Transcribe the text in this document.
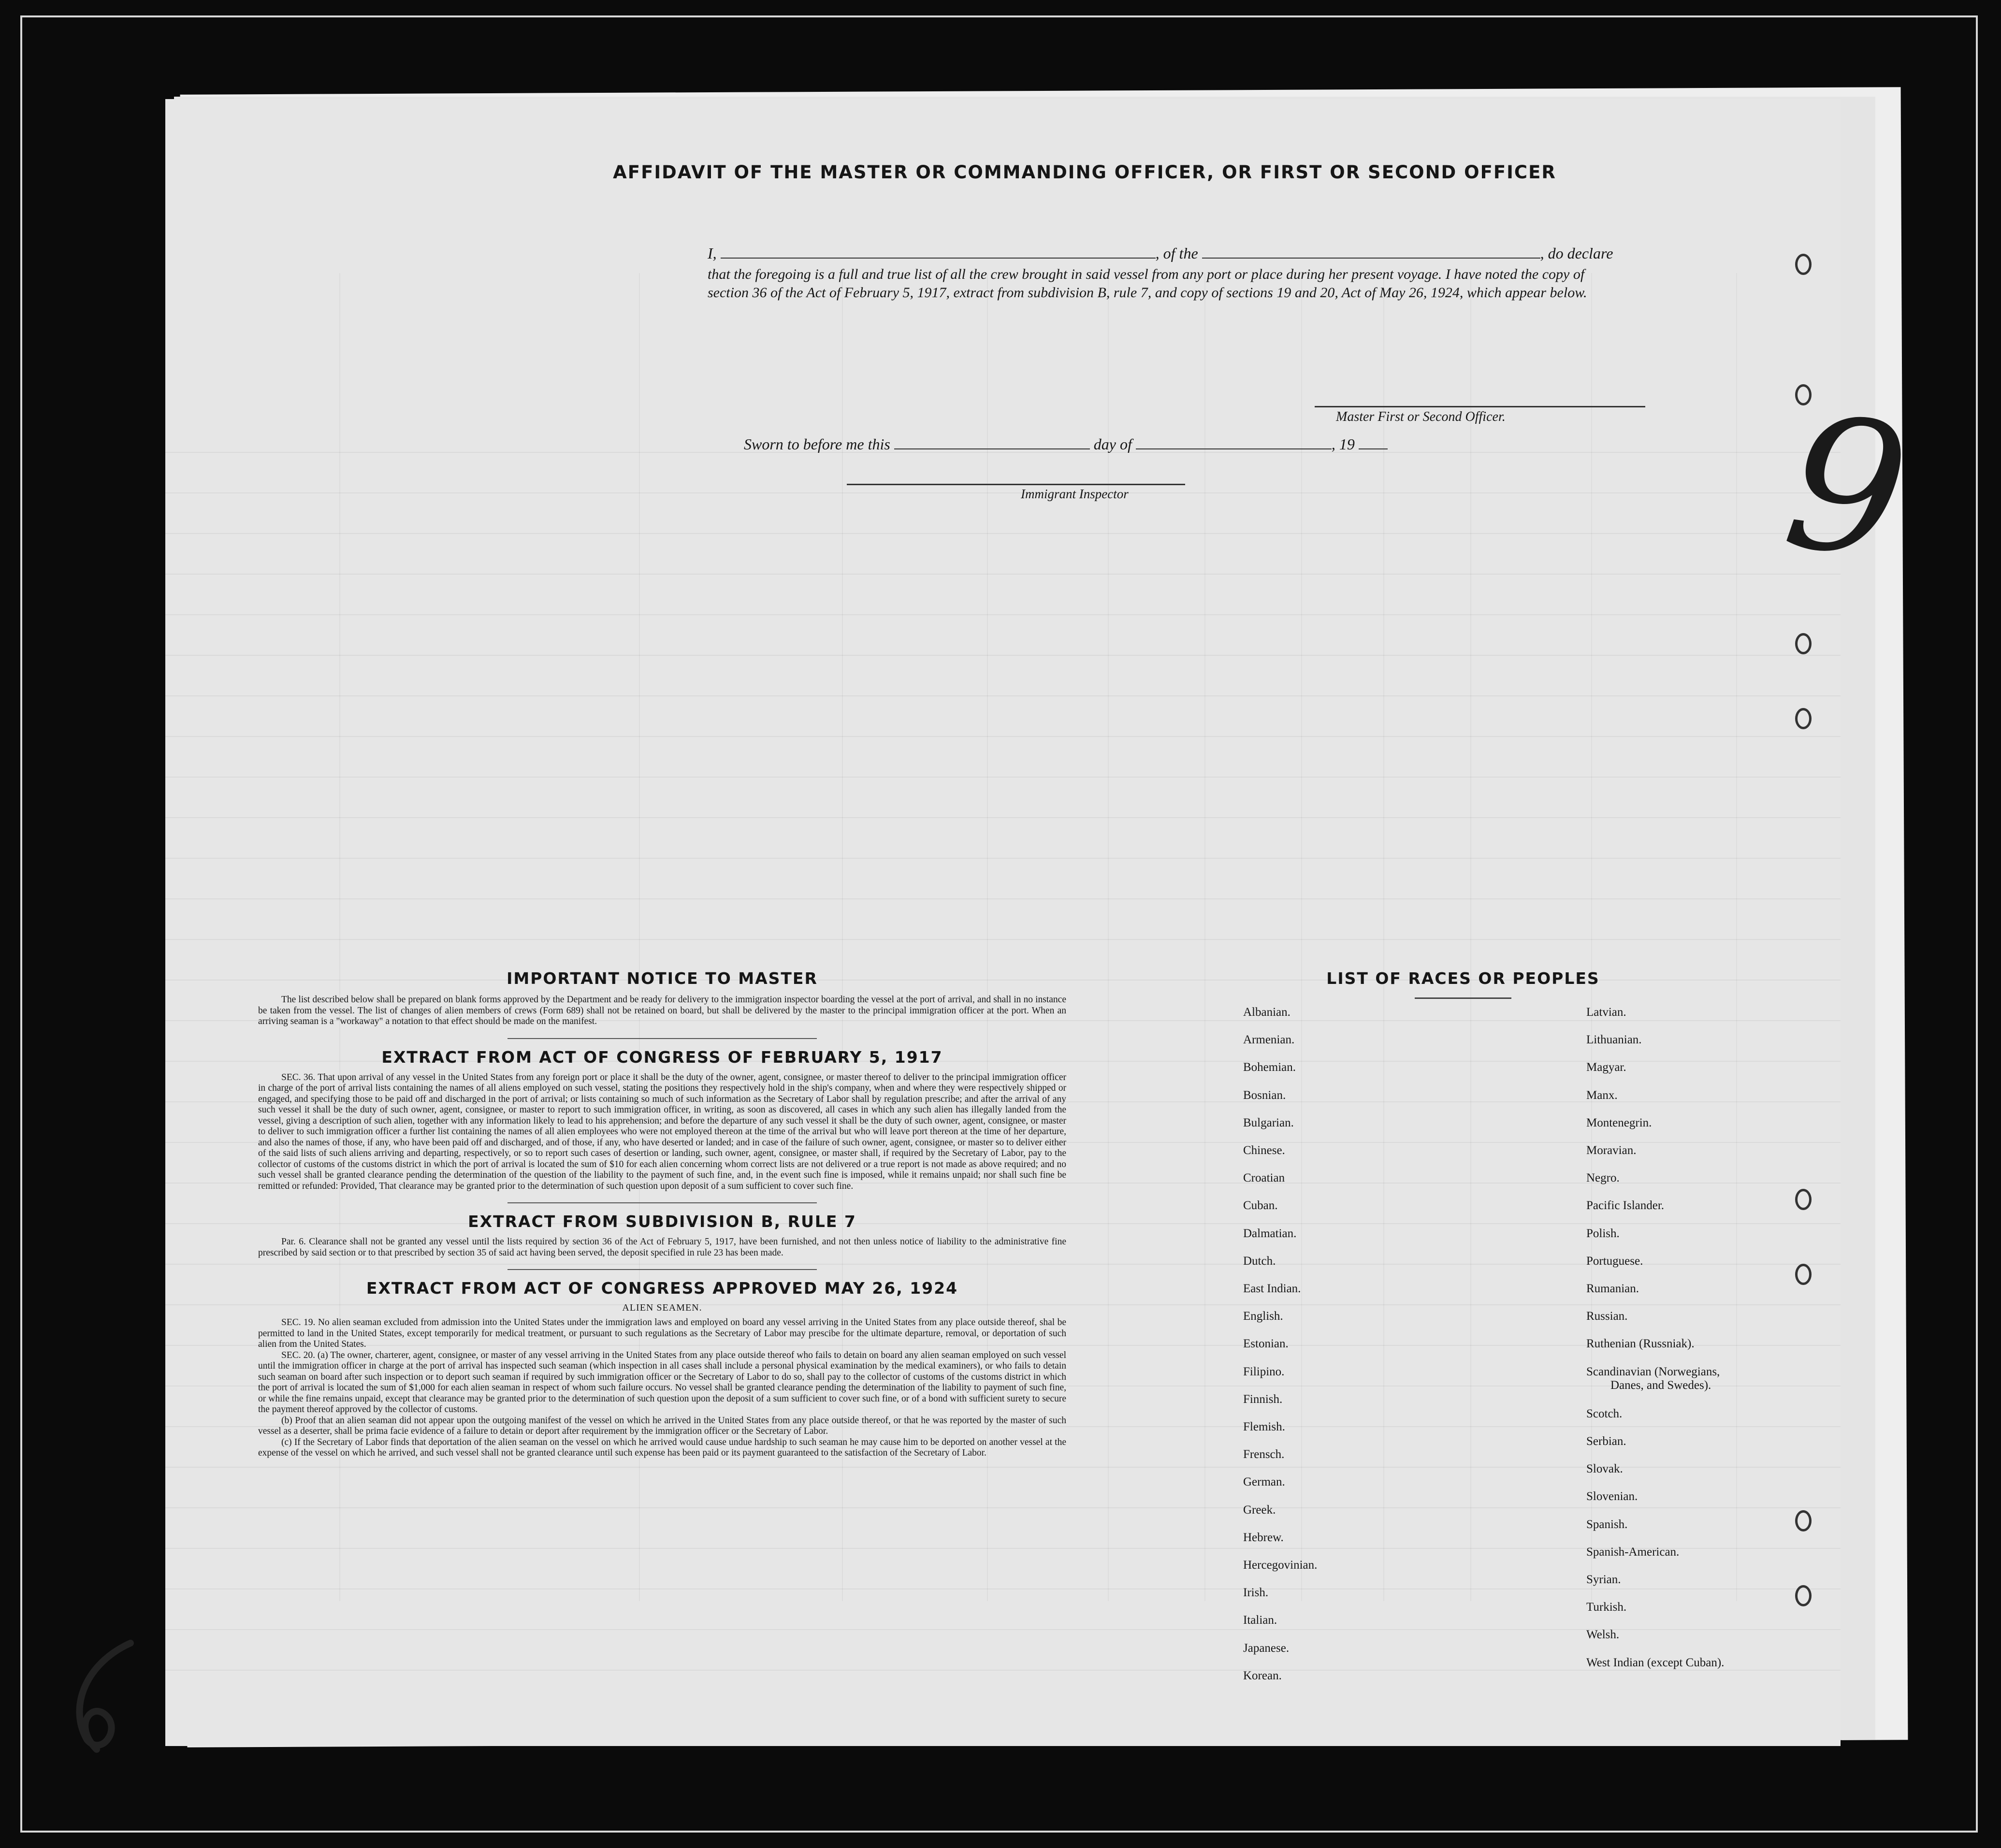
AFFIDAVIT OF THE MASTER OR COMMANDING OFFICER, OR FIRST OR SECOND OFFICER
I,	, of the	, do declare
that the foregoing is a full and true list of all the crew brought in said vessel from any port or place during her present voyage. I have noted the copy of section 36 of the Act of February 5, 1917, extract from subdivision B, rule 7, and copy of sections 19 and 20, Act of May 26, 1924, which appear below.
Master First or Second Officer.
Sworn to before me this	day of	, 19
Immigrant Inspector
IMPORTANT NOTICE TO MASTER

The list described below shall be prepared on blank forms approved by the Department and be ready for delivery to the immigration inspector boarding the vessel at the port of arrival, and shall in no instance be taken from the vessel. The list of changes of alien members of crews (Form 689) shall not be retained on board, but shall be delivered by the master to the principal immigration officer at the port. When an arriving seaman is a "workaway" a notation to that effect should be made on the manifest.

EXTRACT FROM ACT OF CONGRESS OF FEBRUARY 5, 1917

SEC. 36. That upon arrival of any vessel in the United States from any foreign port or place it shall be the duty of the owner, agent, consignee, or master thereof to deliver to the principal immigration officer in charge of the port of arrival lists containing the names of all aliens employed on such vessel, stating the positions they respectively hold in the ship's company, when and where they were respectively shipped or engaged, and specifying those to be paid off and discharged in the port of arrival; or lists containing so much of such information as the Secretary of Labor shall by regulation prescribe; and after the arrival of any such vessel it shall be the duty of such owner, agent, consignee, or master to report to such immigration officer, in writing, as soon as discovered, all cases in which any such alien has illegally landed from the vessel, giving a description of such alien, together with any information likely to lead to his apprehension; and before the departure of any such vessel it shall be the duty of such owner, agent, consignee, or master to deliver to such immigration officer a further list containing the names of all alien employees who were not employed thereon at the time of the arrival but who will leave port thereon at the time of her departure, and also the names of those, if any, who have been paid off and discharged, and of those, if any, who have deserted or landed; and in case of the failure of such owner, agent, consignee, or master so to deliver either of the said lists of such aliens arriving and departing, respectively, or so to report such cases of desertion or landing, such owner, agent, consignee, or master shall, if required by the Secretary of Labor, pay to the collector of customs of the customs district in which the port of arrival is located the sum of $10 for each alien concerning whom correct lists are not delivered or a true report is not made as above required; and no such vessel shall be granted clearance pending the determination of the question of the liability to the payment of such fine, and, in the event such fine is imposed, while it remains unpaid; nor shall such fine be remitted or refunded: Provided, That clearance may be granted prior to the determination of such question upon deposit of a sum sufficient to cover such fine.

EXTRACT FROM SUBDIVISION B, RULE 7

Par. 6. Clearance shall not be granted any vessel until the lists required by section 36 of the Act of February 5, 1917, have been furnished, and not then unless notice of liability to the administrative fine prescribed by said section or to that prescribed by section 35 of said act having been served, the deposit specified in rule 23 has been made.

EXTRACT FROM ACT OF CONGRESS APPROVED MAY 26, 1924
ALIEN SEAMEN.

SEC. 19. No alien seaman excluded from admission into the United States under the immigration laws and employed on board any vessel arriving in the United States from any place outside thereof, shal be permitted to land in the United States, except temporarily for medical treatment, or pursuant to such regulations as the Secretary of Labor may prescibe for the ultimate departure, removal, or deportation of such alien from the United States.

SEC. 20. (a) The owner, charterer, agent, consignee, or master of any vessel arriving in the United States from any place outside thereof who fails to detain on board any alien seaman employed on such vessel until the immigration officer in charge at the port of arrival has inspected such seaman (which inspection in all cases shall include a personal physical examination by the medical examiners), or who fails to detain such seaman on board after such inspection or to deport such seaman if required by such immigration officer or the Secretary of Labor to do so, shall pay to the collector of customs of the customs district in which the port of arrival is located the sum of $1,000 for each alien seaman in respect of whom such failure occurs. No vessel shall be granted clearance pending the determination of the liability to payment of such fine, or while the fine remains unpaid, except that clearance may be granted prior to the determination of such question upon the deposit of a sum sufficient to cover such fine, or of a bond with sufficient surety to secure the payment thereof approved by the collector of customs.

(b) Proof that an alien seaman did not appear upon the outgoing manifest of the vessel on which he arrived in the United States from any place outside thereof, or that he was reported by the master of such vessel as a deserter, shall be prima facie evidence of a failure to detain or deport after requirement by the immigration officer or the Secretary of Labor.

(c) If the Secretary of Labor finds that deportation of the alien seaman on the vessel on which he arrived would cause undue hardship to such seaman he may cause him to be deported on another vessel at the expense of the vessel on which he arrived, and such vessel shall not be granted clearance until such expense has been paid or its payment guaranteed to the satisfaction of the Secretary of Labor.

LIST OF RACES OR PEOPLES
Albanian.
Armenian.
Bohemian.
Bosnian.
Bulgarian.
Chinese.
Croatian
Cuban.
Dalmatian.
Dutch.
East Indian.
English.
Estonian.
Filipino.
Finnish.
Flemish.
Frensch.
German.
Greek.
Hebrew.
Hercegovinian.
Irish.
Italian.
Japanese.
Korean.
Latvian.
Lithuanian.
Magyar.
Manx.
Montenegrin.
Moravian.
Negro.
Pacific Islander.
Polish.
Portuguese.
Rumanian.
Russian.
Ruthenian (Russniak).
Scandinavian (Norwegians,
Danes, and Swedes).
Scotch.
Serbian.
Slovak.
Slovenian.
Spanish.
Spanish-American.
Syrian.
Turkish.
Welsh.
West Indian (except Cuban).
9
